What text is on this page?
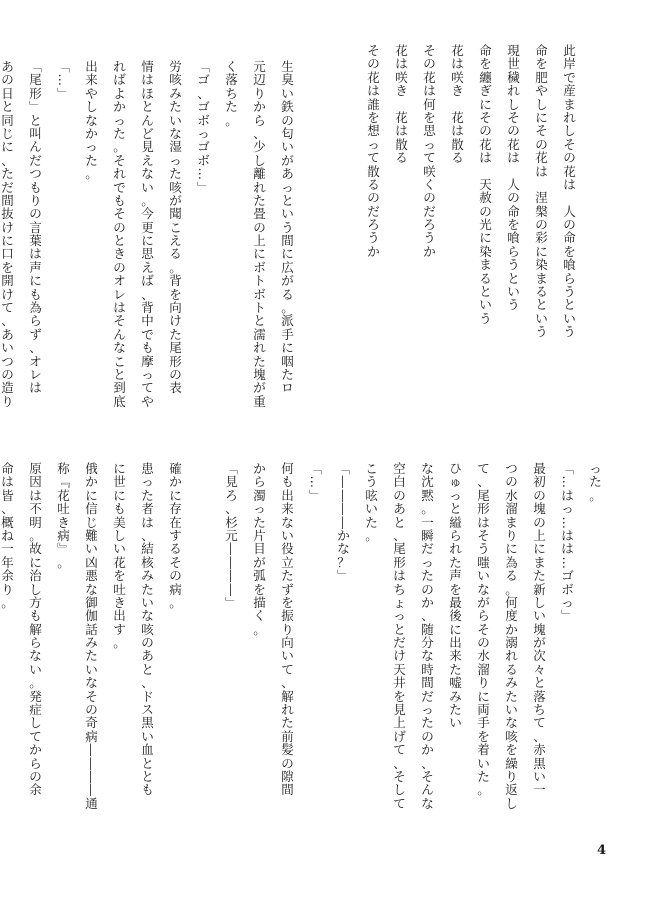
此
岸
で
産
ま
れ
し
そ
の
花
は

人
の
命
を
喰
ら
う
と
い
う
命
を
肥
や
し
に
そ
の
花
は

涅
槃
の
彩
に
染
ま
る
と
い
う
現
世
穢
れ
し
そ
の
花
は

人
の
命
を
喰
ら
う
と
い
う
命
を
纏
ぎ
に
そ
の
花
は

天
赦
の
光
に
染
ま
る
と
い
う
花
は
咲
き

花
は
散
る
そ
の
花
は
何
を
思
っ
て
咲
く
の
だ
ろ
う
か
花
は
咲
き

花
は
散
る
そ
の
花
は
誰
を
想
っ
て
散
る
の
だ
ろ
う
か
生
臭
い
鉄
の
匂
い
が
あ
っ
と
い
う
間
に
広
が
る
。
派
手
に
咽
た
ロ
元
辺
り
か
ら
、
少
し
離
れ
た
畳
の
上
に
ボ
ト
ボ
ト
と
濡
れ
た
塊
が
重
く
落
ち
た
。
「
ゴ
、
ゴ
ボ
っ
ゴ
ボ
…
」
労
咳
み
た
い
な
湿
っ
た
咳
が
聞
こ
え
る
。
背
を
向
け
た
尾
形
の
表
情
は
ほ
と
ん
ど
見
え
な
い
。
今
更
に
思
え
ば
、
背
中
で
も
摩
っ
て
や
れ
ば
よ
か
っ
た
。
そ
れ
で
も
そ
の
と
き
の
オ
レ
は
そ
ん
な
こ
と
到
底
出
来
や
し
な
か
っ
た
。
「
…
」
「
尾
形
」
と
叫
ん
だ
つ
も
り
の
言
葉
は
声
に
も
為
ら
ず
、
オ
レ
は
あ
の
日
と
同
じ
に
、
た
だ
間
抜
け
に
口
を
開
け
て
、
あ
い
つ
の
造
り
っ
た
。
「
…
は
っ
…
は
は
…
ゴ
ボ
っ
」
最
初
の
塊
の
上
に
ま
た
新
し
い
塊
が
次
々
と
落
ち
て
、
赤
黒
い
一
つ
の
水
溜
ま
り
に
為
る
。
何
度
か
溺
れ
る
み
た
い
な
咳
を
繰
り
返
し
て
、
尾
形
は
そ
う
嗤
い
な
が
ら
そ
の
水
溜
り
に
両
手
を
着
い
た
。
ひ
ゅ
っ
と
縊
ら
れ
た
声
を
最
後
に
出
来
た
嘘
み
た
い
な
沈
黙
。
一
瞬
だ
っ
た
の
か
、
随
分
な
時
間
だ
っ
た
の
か
、
そ
ん
な
空
白
の
あ
と
、
尾
形
は
ち
ょ
っ
と
だ
け
天
井
を
見
上
げ
て
、
そ
し
て
こ
う
呟
い
た
。
「
―
―
―
―
か
な
？
」
「
…
」
何
も
出
来
な
い
役
立
た
ず
を
振
り
向
い
て
、
解
れ
た
前
髪
の
隙
間
か
ら
濁
っ
た
片
目
が
弧
を
描
く
。
「
見
ろ
、
杉
元
―
―
―
―
」
確
か
に
存
在
す
る
そ
の
病
。
患
っ
た
者
は
、
結
核
み
た
い
な
咳
の
あ
と
、
ド
ス
黒
い
血
と
と
も
に
世
に
も
美
し
い
花
を
吐
き
出
す
。
俄
か
に
信
じ
難
い
凶
悪
な
御
伽
話
み
た
い
な
そ
の
奇
病
―
―
―
―
通
称
『
花
吐
き
病
』
。
原
因
は
不
明
。
故
に
治
し
方
も
解
ら
な
い
。
発
症
し
て
か
ら
の
余
命
は
皆
、
概
ね
一
年
余
り
。
4
